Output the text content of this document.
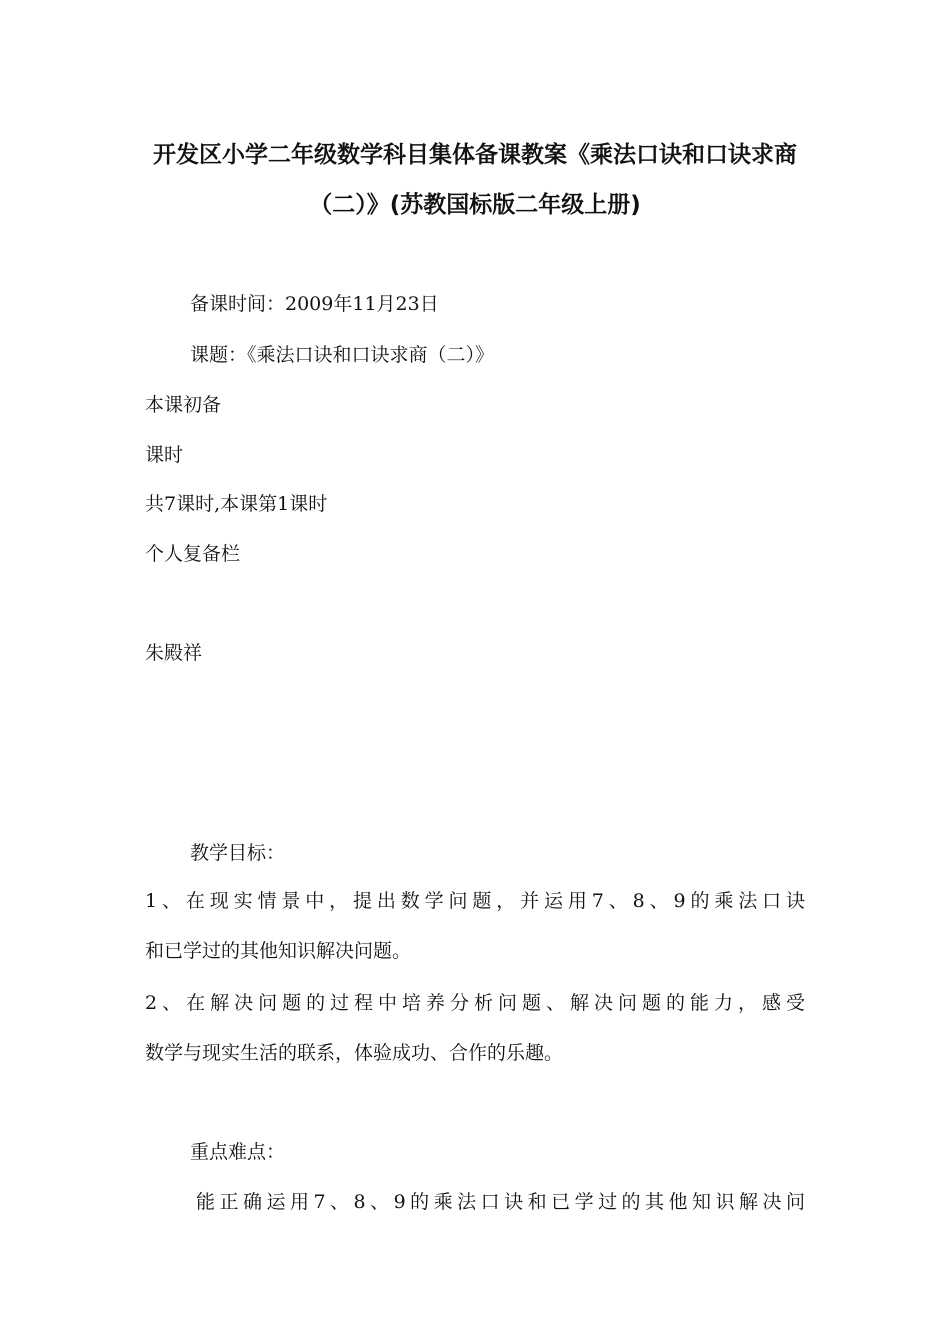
开发区小学二年级数学科目集体备课教案《乘法口诀和口诀求商
（二）》(苏教国标版二年级上册)
备课时间：2009年11月23日
课题：《乘法口诀和口诀求商（二）》
本课初备
课时
共7课时,本课第1课时
个人复备栏
朱殿祥
教学目标：
1、在现实情景中，提出数学问题，并运用7、8、9的乘法口诀
和已学过的其他知识解决问题。
2、在解决问题的过程中培养分析问题、解决问题的能力，感受
数学与现实生活的联系，体验成功、合作的乐趣。
重点难点：
能正确运用7、8、9的乘法口诀和已学过的其他知识解决问
